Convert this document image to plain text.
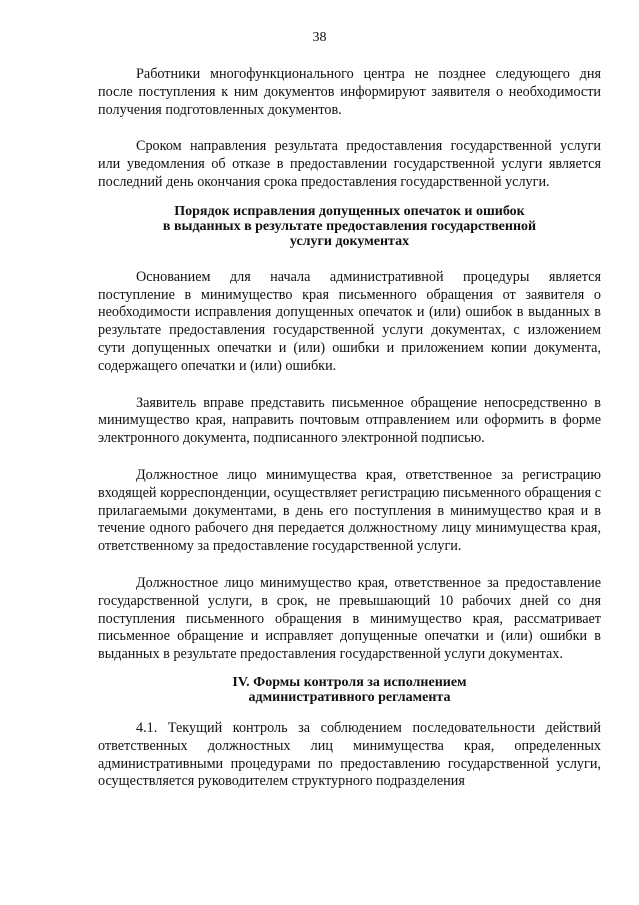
38

Работники многофункционального центра не позднее следующего дня после поступления к ним документов информируют заявителя о необходимости получения подготовленных документов.

Сроком направления результата предоставления государственной услуги или уведомления об отказе в предоставлении государственной услуги является последний день окончания срока предоставления государственной услуги.

Порядок исправления допущенных опечаток и ошибок
в выданных в результате предоставления государственной
услуги документах

Основанием для начала административной процедуры является поступление в минимущество края письменного обращения от заявителя о необходимости исправления допущенных опечаток и (или) ошибок в выданных в результате предоставления государственной услуги документах, с изложением сути допущенных опечатки и (или) ошибки и приложением копии документа, содержащего опечатки и (или) ошибки.

Заявитель вправе представить письменное обращение непосредственно в минимущество края, направить почтовым отправлением или оформить в форме электронного документа, подписанного электронной подписью.

Должностное лицо минимущества края, ответственное за регистрацию входящей корреспонденции, осуществляет регистрацию письменного обращения с прилагаемыми документами, в день его поступления в минимущество края и в течение одного рабочего дня передается должностному лицу минимущества края, ответственному за предоставление государственной услуги.

Должностное лицо минимущество края, ответственное за предоставление государственной услуги, в срок, не превышающий 10 рабочих дней со дня поступления письменного обращения в минимущество края, рассматривает письменное обращение и исправляет допущенные опечатки и (или) ошибки в выданных в результате предоставления государственной услуги документах.

IV. Формы контроля за исполнением
административного регламента

4.1. Текущий контроль за соблюдением последовательности действий ответственных должностных лиц минимущества края, определенных административными процедурами по предоставлению государственной услуги, осуществляется руководителем структурного подразделения
